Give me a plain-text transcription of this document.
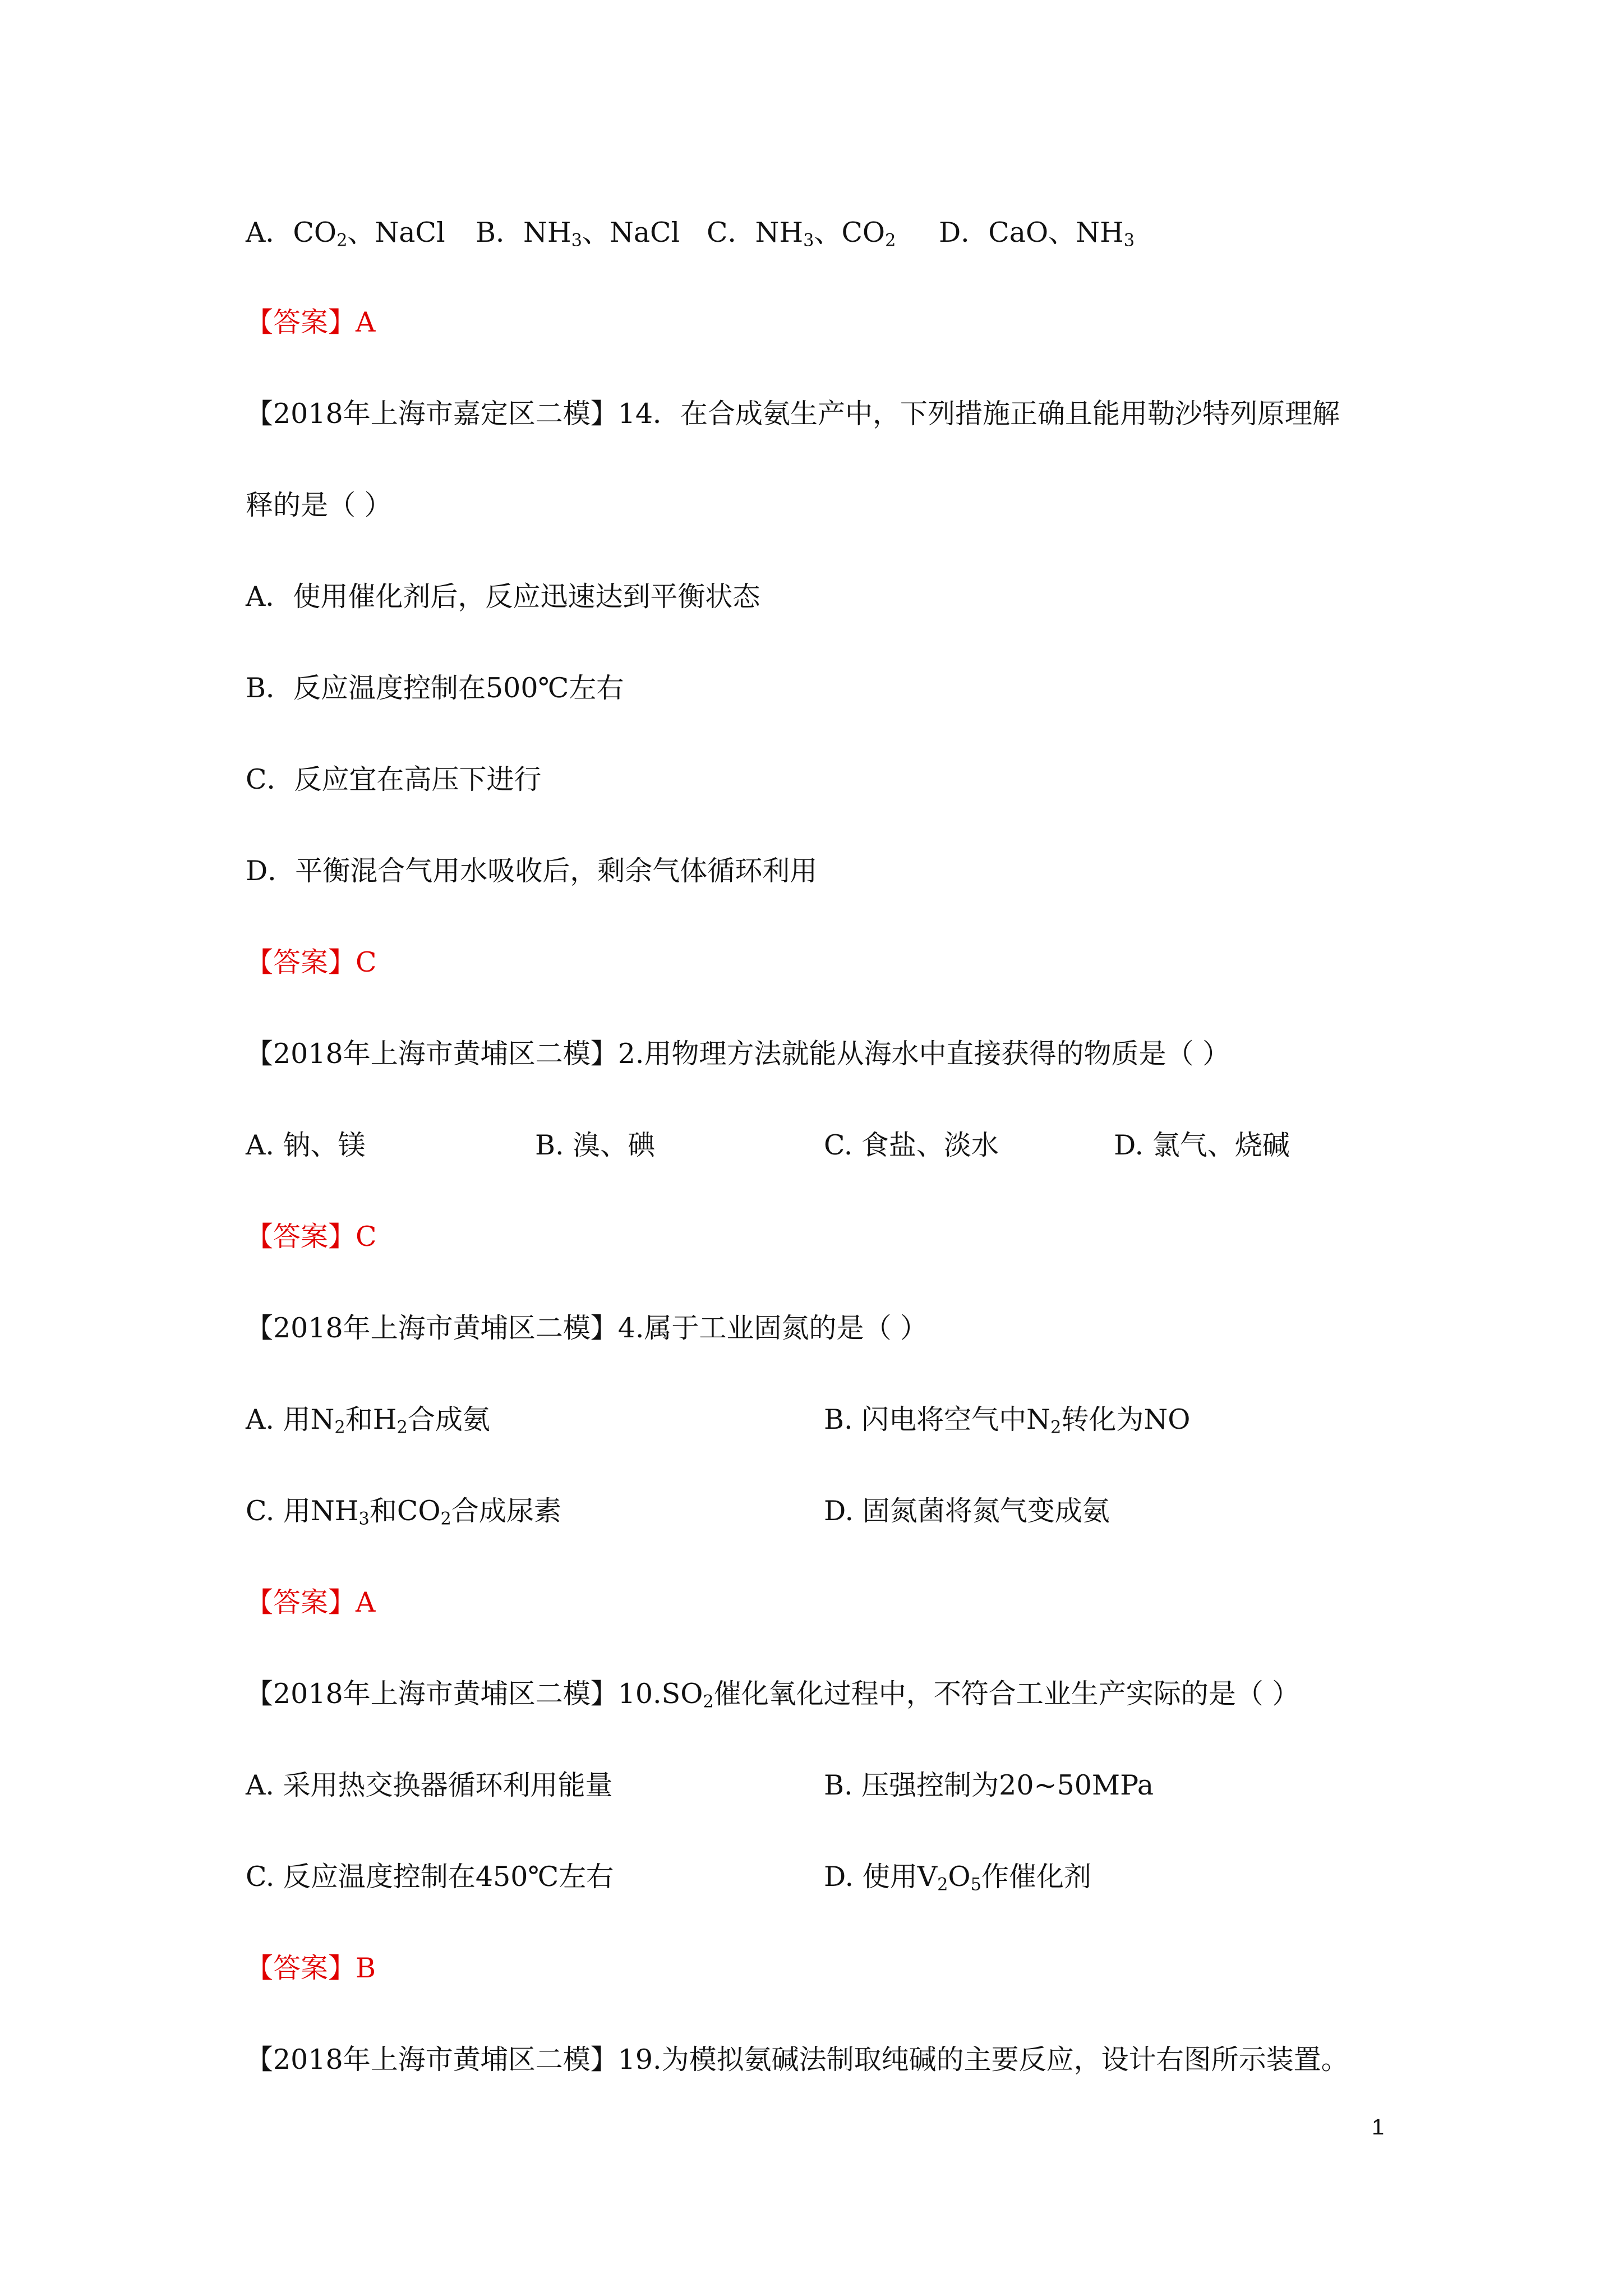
A．$CO_2$、NaCl B．$NH_3$、NaCl C．$NH_3$、$CO_2$ D．CaO、$NH_3$
【答案】A
【2018年上海市嘉定区二模】14．在合成氨生产中，下列措施正确且能用勒沙特列原理解
释的是（ ）
A．使用催化剂后，反应迅速达到平衡状态
B．反应温度控制在500℃左右
C．反应宜在高压下进行
D．平衡混合气用水吸收后，剩余气体循环利用
【答案】C
【2018年上海市黄埔区二模】2.用物理方法就能从海水中直接获得的物质是（ ）
A. 钠、镁	B. 溴、碘	C. 食盐、淡水	D. 氯气、烧碱
【答案】C
【2018年上海市黄埔区二模】4.属于工业固氮的是（ ）
A. 用$N_2$和$H_2$合成氨	B. 闪电将空气中$N_2$转化为NO
C. 用$NH_3$和$CO_2$合成尿素	D. 固氮菌将氮气变成氨
【答案】A
【2018年上海市黄埔区二模】$10.SO_2$催化氧化过程中，不符合工业生产实际的是（ ）
A. 采用热交换器循环利用能量	B. 压强控制为20~50MPa
C. 反应温度控制在450℃左右	D. 使用$V_2O_5$作催化剂
【答案】B
【2018年上海市黄埔区二模】19.为模拟氨碱法制取纯碱的主要反应，设计右图所示装置。
1
